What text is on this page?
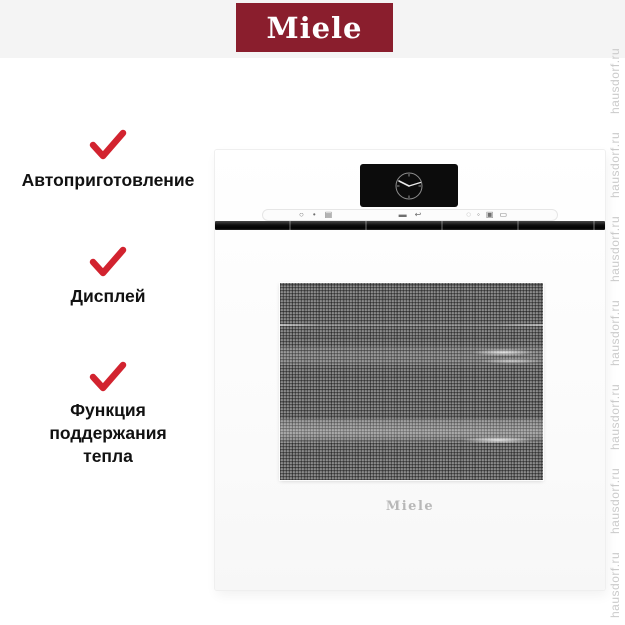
Miele
Автоприготовление
Дисплей
Функция поддержания тепла
○ • ▤	▬ ↩	◌ ◦ ▣ ▭
Miele
hausdorf.ru hausdorf.ru hausdorf.ru hausdorf.ru hausdorf.ru hausdorf.ru hausdorf.ru
